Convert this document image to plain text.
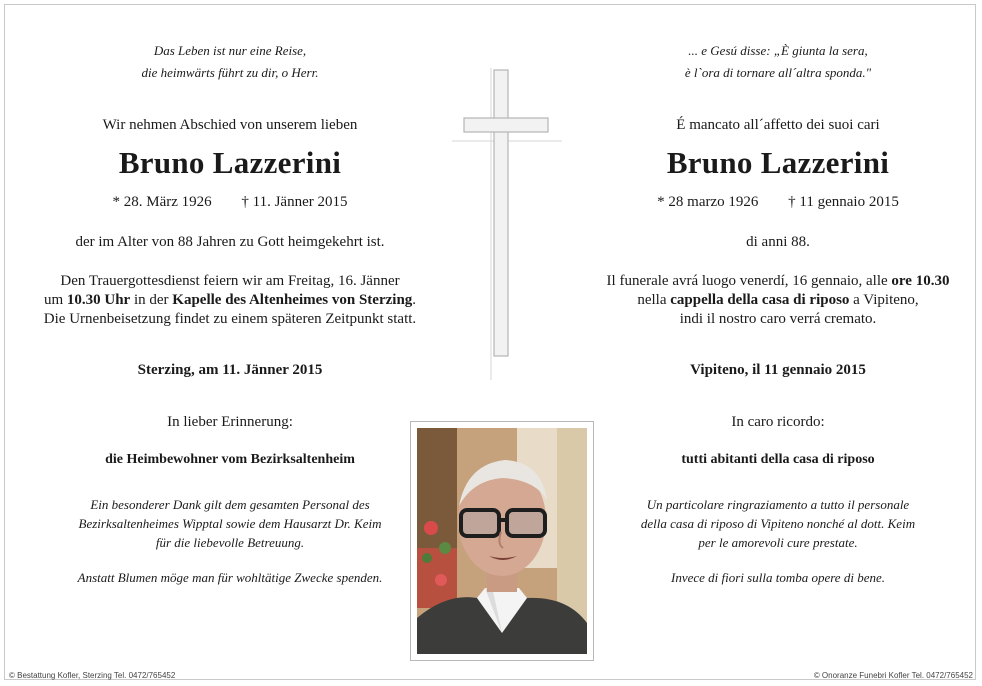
Das Leben ist nur eine Reise,
die heimwärts führt zu dir, o Herr.
Wir nehmen Abschied von unserem lieben
Bruno Lazzerini
* 28. März 1926 † 11. Jänner 2015
der im Alter von 88 Jahren zu Gott heimgekehrt ist.
Den Trauergottesdienst feiern wir am Freitag, 16. Jänner
um 10.30 Uhr in der Kapelle des Altenheimes von Sterzing.
Die Urnenbeisetzung findet zu einem späteren Zeitpunkt statt.
Sterzing, am 11. Jänner 2015
In lieber Erinnerung:
die Heimbewohner vom Bezirksaltenheim
Ein besonderer Dank gilt dem gesamten Personal des
Bezirksaltenheimes Wipptal sowie dem Hausarzt Dr. Keim
für die liebevolle Betreuung.
Anstatt Blumen möge man für wohltätige Zwecke spenden.
... e Gesú disse: „È giunta la sera,
è l`ora di tornare all´altra sponda."
É mancato all´affetto dei suoi cari
Bruno Lazzerini
* 28 marzo 1926 † 11 gennaio 2015
di anni 88.
Il funerale avrá luogo venerdí, 16 gennaio, alle ore 10.30
nella cappella della casa di riposo a Vipiteno,
indi il nostro caro verrá cremato.
Vipiteno, il 11 gennaio 2015
In caro ricordo:
tutti abitanti della casa di riposo
Un particolare ringraziamento a tutto il personale
della casa di riposo di Vipiteno nonché al dott. Keim
per le amorevoli cure prestate.
Invece di fiori sulla tomba opere di bene.
© Bestattung Kofler, Sterzing Tel. 0472/765452	© Onoranze Funebri Kofler Tel. 0472/765452
